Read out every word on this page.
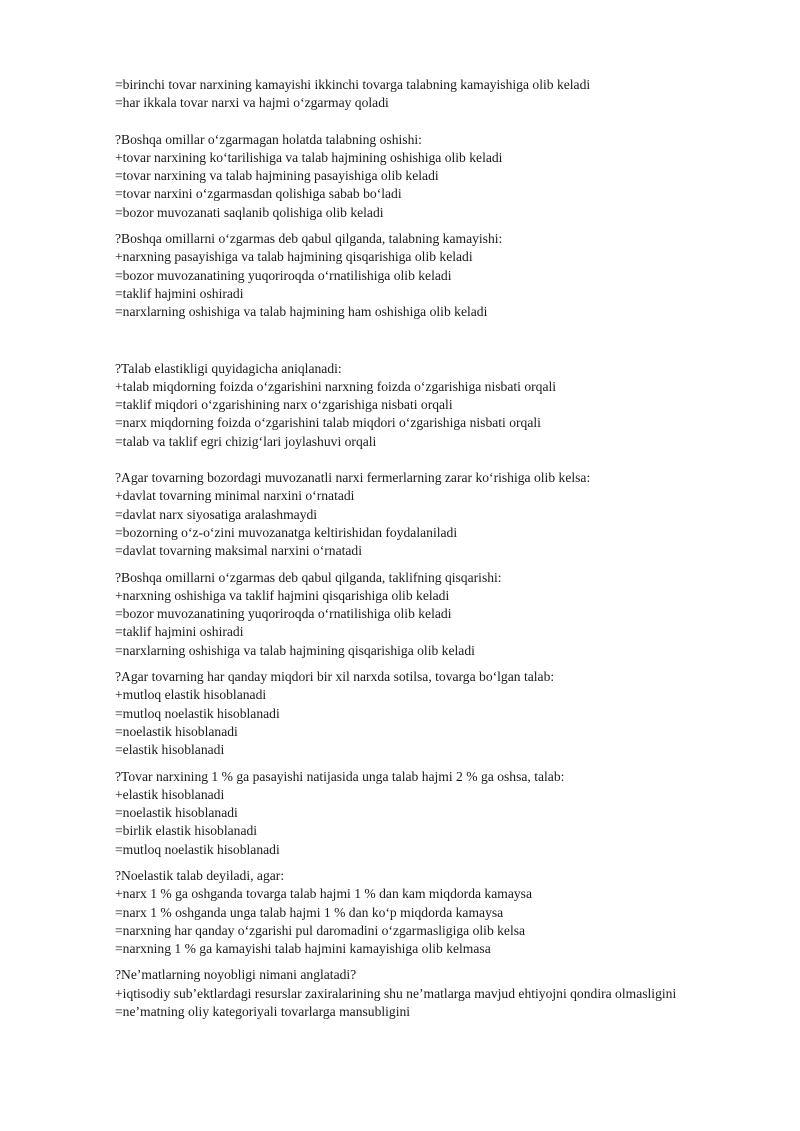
=birinchi tovar narxining kamayishi ikkinchi tovarga talabning kamayishiga olib keladi
=har ikkala tovar narxi va hajmi o‘zgarmay qoladi
?Boshqa omillar o‘zgarmagan holatda talabning oshishi:
+tovar narxining ko‘tarilishiga va talab hajmining oshishiga olib keladi
=tovar narxining va talab hajmining pasayishiga olib keladi
=tovar narxini o‘zgarmasdan qolishiga sabab bo‘ladi
=bozor muvozanati saqlanib qolishiga olib keladi
?Boshqa omillarni o‘zgarmas deb qabul qilganda, talabning kamayishi:
+narxning pasayishiga va talab hajmining qisqarishiga olib keladi
=bozor muvozanatining yuqoriroqda o‘rnatilishiga olib keladi
=taklif hajmini oshiradi
=narxlarning oshishiga va talab hajmining ham oshishiga olib keladi
?Talab elastikligi quyidagicha aniqlanadi:
+talab miqdorning foizda o‘zgarishini narxning foizda o‘zgarishiga nisbati orqali
=taklif miqdori o‘zgarishining narx o‘zgarishiga nisbati orqali
=narx miqdorning foizda o‘zgarishini talab miqdori o‘zgarishiga nisbati orqali
=talab va taklif egri chizig‘lari joylashuvi orqali
?Agar tovarning bozordagi muvozanatli narxi fermerlarning zarar ko‘rishiga olib kelsa:
+davlat tovarning minimal narxini o‘rnatadi
=davlat narx siyosatiga aralashmaydi
=bozorning o‘z-o‘zini muvozanatga keltirishidan foydalaniladi
=davlat tovarning maksimal narxini o‘rnatadi
?Boshqa omillarni o‘zgarmas deb qabul qilganda, taklifning qisqarishi:
+narxning oshishiga va taklif hajmini qisqarishiga olib keladi
=bozor muvozanatining yuqoriroqda o‘rnatilishiga olib keladi
=taklif hajmini oshiradi
=narxlarning oshishiga va talab hajmining qisqarishiga olib keladi
?Agar tovarning har qanday miqdori bir xil narxda sotilsa, tovarga bo‘lgan talab:
+mutloq elastik hisoblanadi
=mutloq noelastik hisoblanadi
=noelastik hisoblanadi
=elastik hisoblanadi
?Tovar narxining 1 % ga pasayishi natijasida unga talab hajmi 2 % ga oshsa, talab:
+elastik hisoblanadi
=noelastik hisoblanadi
=birlik elastik hisoblanadi
=mutloq noelastik hisoblanadi
?Noelastik talab deyiladi, agar:
+narx 1 % ga oshganda tovarga talab hajmi 1 % dan kam miqdorda kamaysa
=narx 1 % oshganda unga talab hajmi 1 % dan ko‘p miqdorda kamaysa
=narxning har qanday o‘zgarishi pul daromadini o‘zgarmasligiga olib kelsa
=narxning 1 % ga kamayishi talab hajmini kamayishiga olib kelmasa
?Ne’matlarning noyobligi nimani anglatadi?
+iqtisodiy sub’ektlardagi resurslar zaxiralarining shu ne’matlarga mavjud ehtiyojni qondira olmasligini
=ne’matning oliy kategoriyali tovarlarga mansubligini
